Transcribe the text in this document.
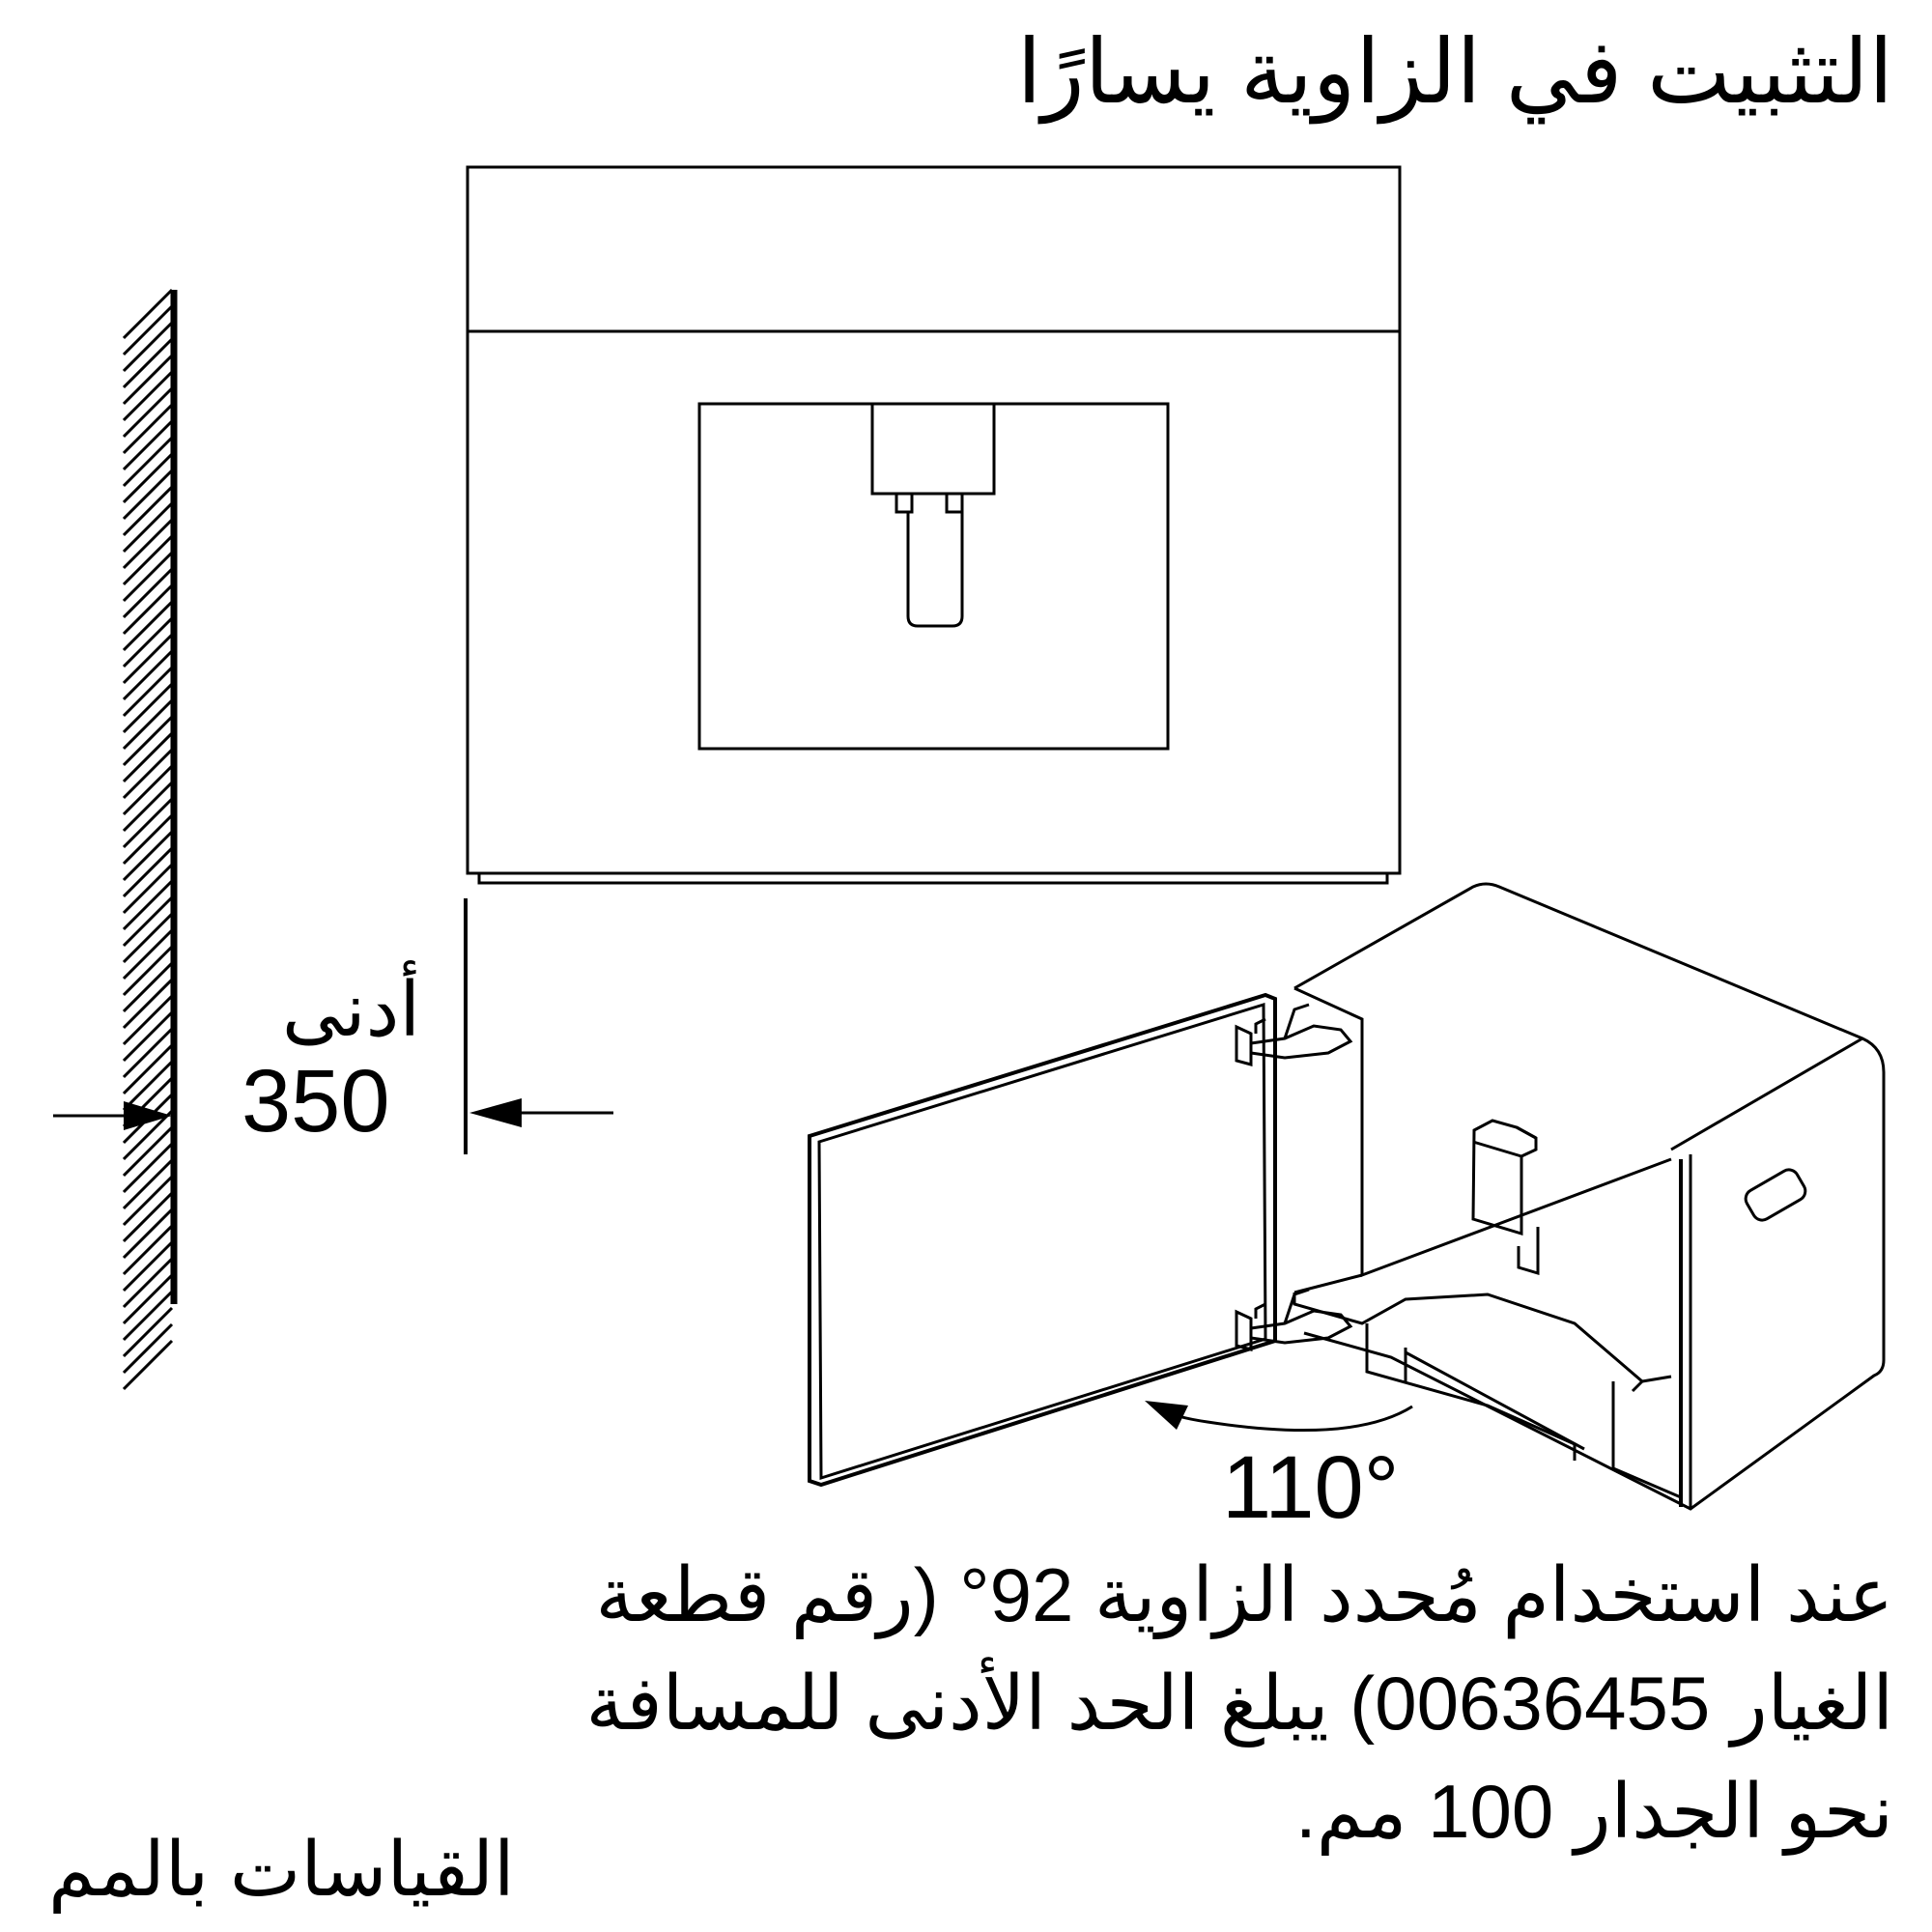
التثبيت في الزاوية يسارًا
أدنى
350
110°
عند استخدام مُحدد الزاوية 92° (رقم قطعة
الغيار 00636455) يبلغ الحد الأدنى للمسافة
نحو الجدار 100 مم.
القياسات بالمم
